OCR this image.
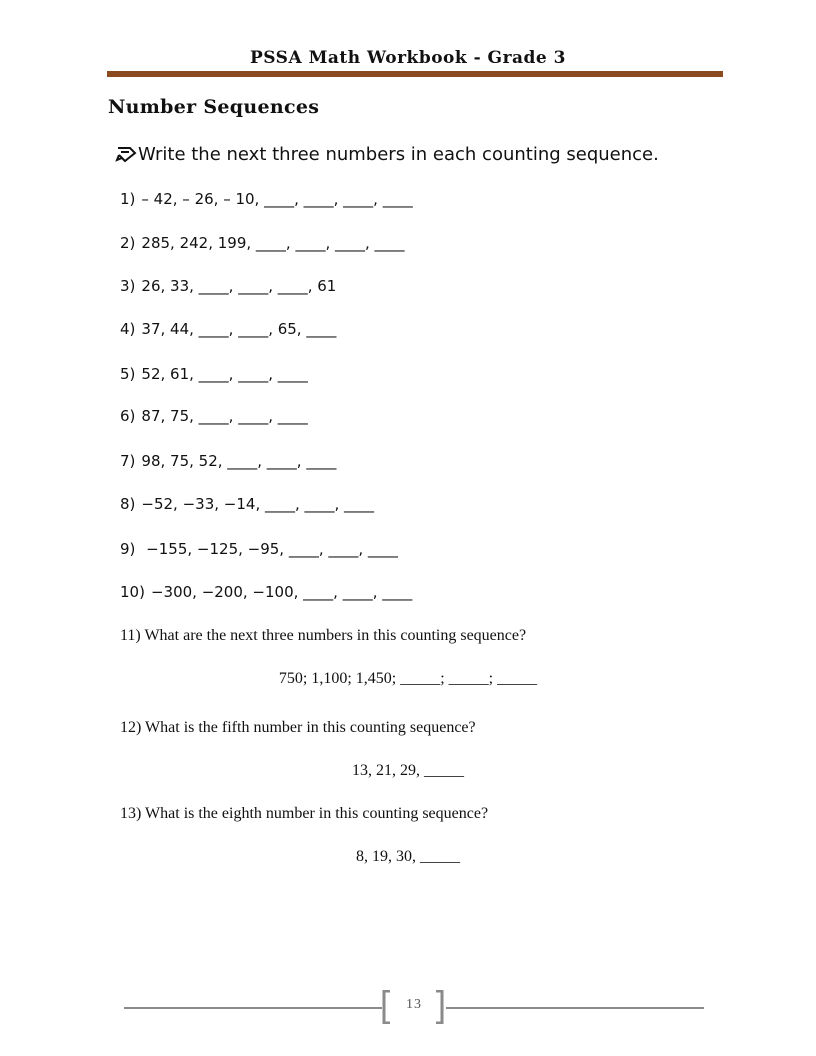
PSSA Math Workbook - Grade 3
Number Sequences
Write the next three numbers in each counting sequence.
1) – 42, – 26, – 10, ____, ____, ____, ____
2) 285, 242, 199, ____, ____, ____, ____
3) 26, 33, ____, ____, ____, 61
4) 37, 44, ____, ____, 65, ____
5) 52, 61, ____, ____, ____
6) 87, 75, ____, ____, ____
7) 98, 75, 52, ____, ____, ____
8) −52, −33, −14, ____, ____, ____
9) −155, −125, −95, ____, ____, ____
10) −300, −200, −100, ____, ____, ____
11) What are the next three numbers in this counting sequence?
750; 1,100; 1,450; _____; _____; _____
12) What is the fifth number in this counting sequence?
13, 21, 29, _____
13) What is the eighth number in this counting sequence?
8, 19, 30, _____
13
